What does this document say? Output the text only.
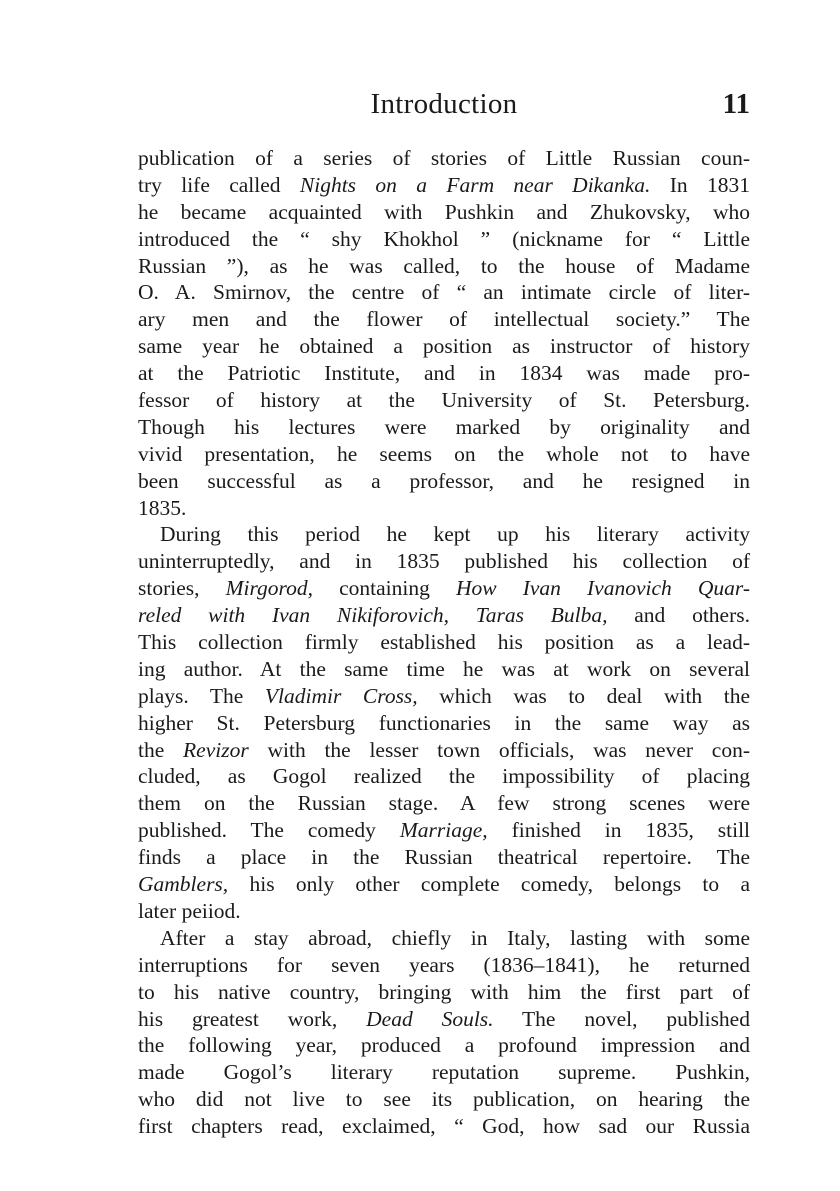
Introduction	11
publication of a series of stories of Little Russian coun-
try life called Nights on a Farm near Dikanka. In 1831
he became acquainted with Pushkin and Zhukovsky, who
introduced the “ shy Khokhol ” (nickname for “ Little
Russian ”), as he was called, to the house of Madame
O. A. Smirnov, the centre of “ an intimate circle of liter-
ary men and the flower of intellectual society.” The
same year he obtained a position as instructor of history
at the Patriotic Institute, and in 1834 was made pro-
fessor of history at the University of St. Petersburg.
Though his lectures were marked by originality and
vivid presentation, he seems on the whole not to have
been successful as a professor, and he resigned in
1835.
During this period he kept up his literary activity
uninterruptedly, and in 1835 published his collection of
stories, Mirgorod, containing How Ivan Ivanovich Quar-
reled with Ivan Nikiforovich, Taras Bulba, and others.
This collection firmly established his position as a lead-
ing author. At the same time he was at work on several
plays. The Vladimir Cross, which was to deal with the
higher St. Petersburg functionaries in the same way as
the Revizor with the lesser town officials, was never con-
cluded, as Gogol realized the impossibility of placing
them on the Russian stage. A few strong scenes were
published. The comedy Marriage, finished in 1835, still
finds a place in the Russian theatrical repertoire. The
Gamblers, his only other complete comedy, belongs to a
later peiiod.
After a stay abroad, chiefly in Italy, lasting with some
interruptions for seven years (1836–1841), he returned
to his native country, bringing with him the first part of
his greatest work, Dead Souls. The novel, published
the following year, produced a profound impression and
made Gogol’s literary reputation supreme. Pushkin,
who did not live to see its publication, on hearing the
first chapters read, exclaimed, “ God, how sad our Russia
